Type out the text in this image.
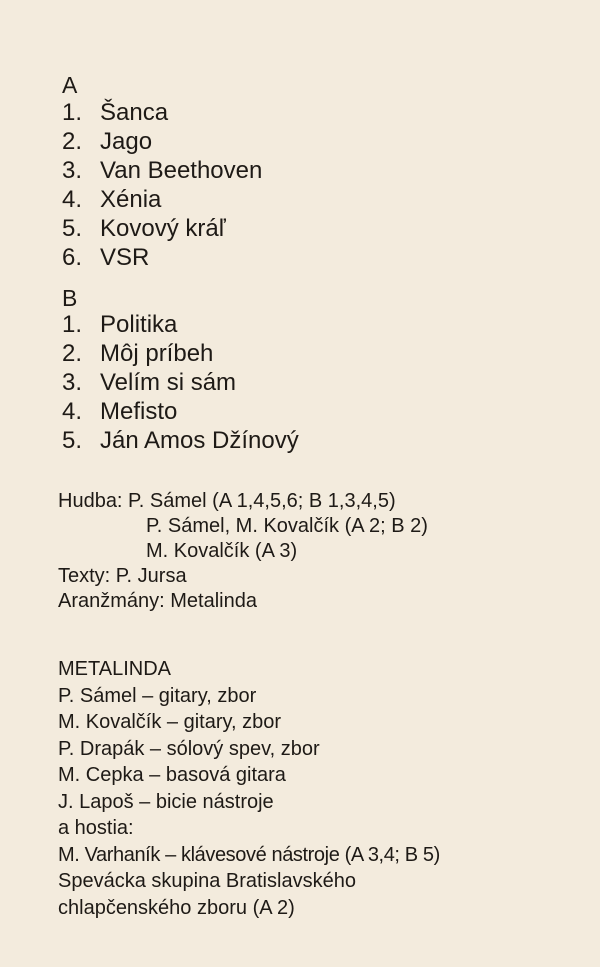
A
1. Šanca
2. Jago
3. Van Beethoven
4. Xénia
5. Kovový kráľ
6. VSR
B
1. Politika
2. Môj príbeh
3. Velím si sám
4. Mefisto
5. Ján Amos Džínový
Hudba: P. Sámel (A 1,4,5,6; B 1,3,4,5)
P. Sámel, M. Kovalčík (A 2; B 2)
M. Kovalčík (A 3)
Texty: P. Jursa
Aranžmány: Metalinda
METALINDA
P. Sámel – gitary, zbor
M. Kovalčík – gitary, zbor
P. Drapák – sólový spev, zbor
M. Cepka – basová gitara
J. Lapoš – bicie nástroje
a hostia:
M. Varhaník – klávesové nástroje (A 3,4; B 5)
Spevácka skupina Bratislavského
chlapčenského zboru (A 2)
